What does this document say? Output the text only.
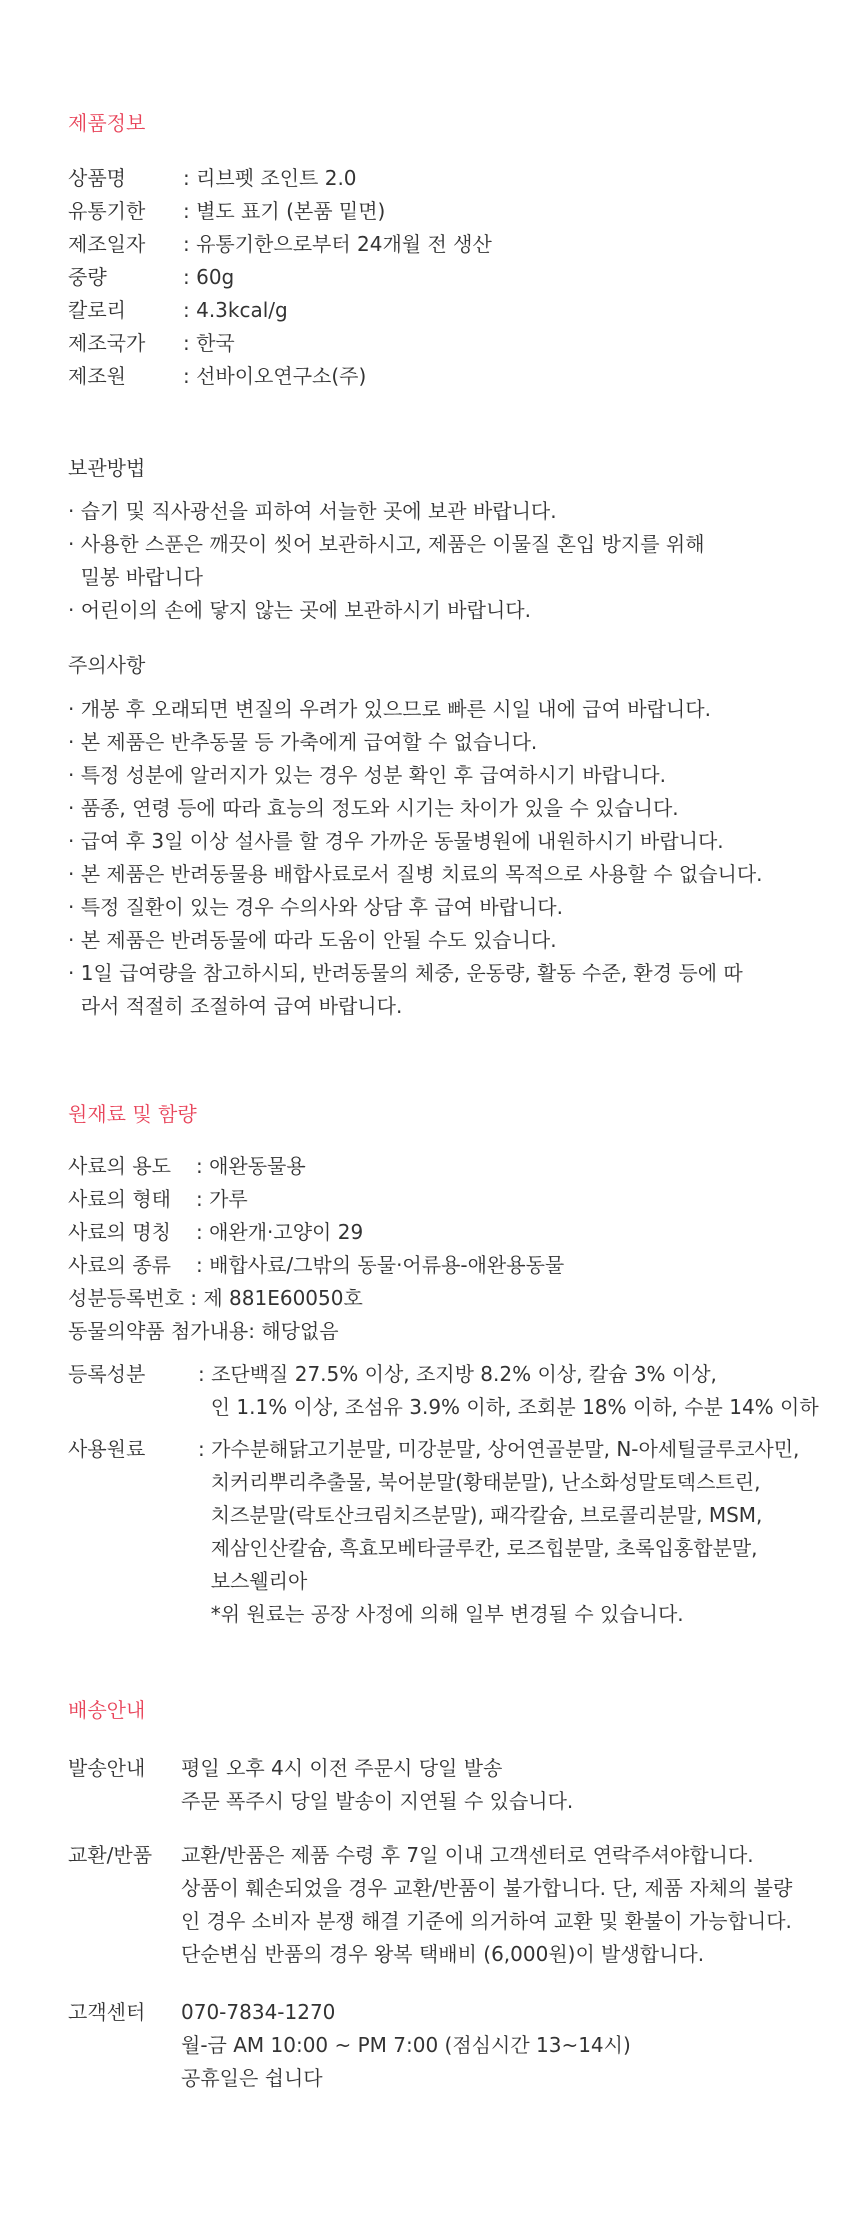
제품정보
상품명	: 리브펫 조인트 2.0
유통기한	: 별도 표기 (본품 밑면)
제조일자	: 유통기한으로부터 24개월 전 생산
중량	: 60g
칼로리	: 4.3kcal/g
제조국가	: 한국
제조원	: 선바이오연구소(주)
보관방법
· 습기 및 직사광선을 피하여 서늘한 곳에 보관 바랍니다.
· 사용한 스푼은 깨끗이 씻어 보관하시고, 제품은 이물질 혼입 방지를 위해
밀봉 바랍니다
· 어린이의 손에 닿지 않는 곳에 보관하시기 바랍니다.
주의사항
· 개봉 후 오래되면 변질의 우려가 있으므로 빠른 시일 내에 급여 바랍니다.
· 본 제품은 반추동물 등 가축에게 급여할 수 없습니다.
· 특정 성분에 알러지가 있는 경우 성분 확인 후 급여하시기 바랍니다.
· 품종, 연령 등에 따라 효능의 정도와 시기는 차이가 있을 수 있습니다.
· 급여 후 3일 이상 설사를 할 경우 가까운 동물병원에 내원하시기 바랍니다.
· 본 제품은 반려동물용 배합사료로서 질병 치료의 목적으로 사용할 수 없습니다.
· 특정 질환이 있는 경우 수의사와 상담 후 급여 바랍니다.
· 본 제품은 반려동물에 따라 도움이 안될 수도 있습니다.
· 1일 급여량을 참고하시되, 반려동물의 체중, 운동량, 활동 수준, 환경 등에 따
라서 적절히 조절하여 급여 바랍니다.
원재료 및 함량
사료의 용도	: 애완동물용
사료의 형태	: 가루
사료의 명칭	: 애완개·고양이 29
사료의 종류	: 배합사료/그밖의 동물·어류용-애완용동물
성분등록번호 : 제 881E60050호
동물의약품 첨가내용: 해당없음
등록성분	: 조단백질 27.5% 이상, 조지방 8.2% 이상, 칼슘 3% 이상,
인 1.1% 이상, 조섬유 3.9% 이하, 조회분 18% 이하, 수분 14% 이하
사용원료	: 가수분해닭고기분말, 미강분말, 상어연골분말, N-아세틸글루코사민,
치커리뿌리추출물, 북어분말(황태분말), 난소화성말토덱스트린,
치즈분말(락토산크림치즈분말), 패각칼슘, 브로콜리분말, MSM,
제삼인산칼슘, 흑효모베타글루칸, 로즈힙분말, 초록입홍합분말,
보스웰리아
*위 원료는 공장 사정에 의해 일부 변경될 수 있습니다.
배송안내
발송안내	평일 오후 4시 이전 주문시 당일 발송
주문 폭주시 당일 발송이 지연될 수 있습니다.
교환/반품	교환/반품은 제품 수령 후 7일 이내 고객센터로 연락주셔야합니다.
상품이 훼손되었을 경우 교환/반품이 불가합니다. 단, 제품 자체의 불량
인 경우 소비자 분쟁 해결 기준에 의거하여 교환 및 환불이 가능합니다.
단순변심 반품의 경우 왕복 택배비 (6,000원)이 발생합니다.
고객센터	070-7834-1270
월-금 AM 10:00 ~ PM 7:00 (점심시간 13~14시)
공휴일은 쉽니다
